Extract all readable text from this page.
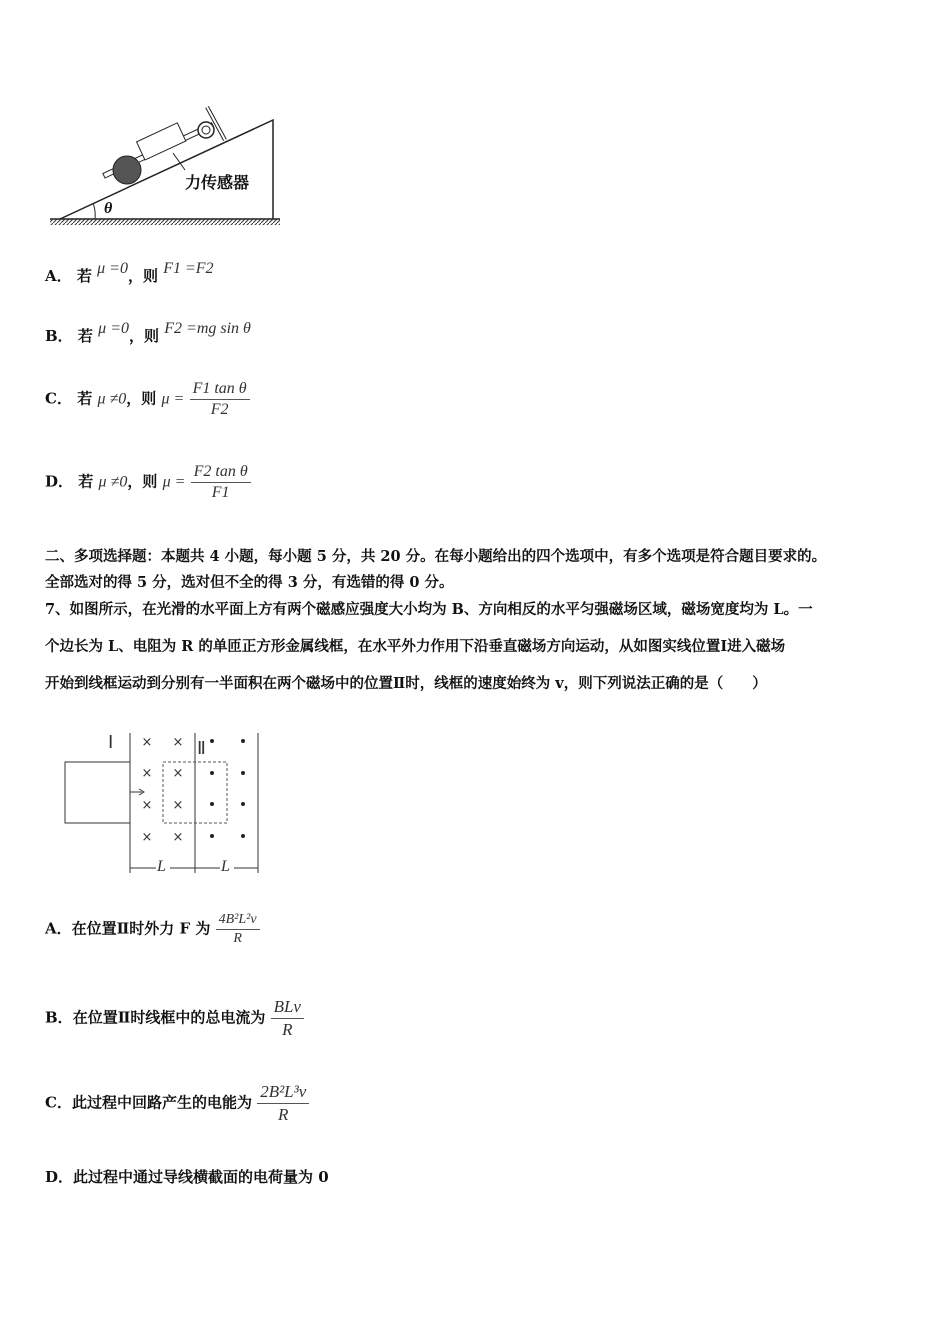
力传感器
θ
A． 若 μ =0，则 F1 =F2
B． 若 μ =0，则 F2 =mg sin θ
C． 若 μ ≠0，则 $\mu = \frac{\text{F1 tan θ}}{F2}$
D． 若 μ ≠0，则 $\mu = \frac{\text{F2 tan θ}}{F1}$
二、多项选择题：本题共 4 小题，每小题 5 分，共 20 分。在每小题给出的四个选项中，有多个选项是符合题目要求的。
全部选对的得 5 分，选对但不全的得 3 分，有选错的得 0 分。
7、如图所示，在光滑的水平面上方有两个磁感应强度大小均为 B、方向相反的水平匀强磁场区域，磁场宽度均为 L。一
个边长为 L、电阻为 R 的单匝正方形金属线框，在水平外力作用下沿垂直磁场方向运动，从如图实线位置Ⅰ进入磁场
开始到线框运动到分别有一半面积在两个磁场中的位置Ⅱ时，线框的速度始终为 v，则下列说法正确的是（　　）
× ×
× ×
× ×
× ×
Ⅰ	Ⅱ
L	L
A．在位置Ⅱ时外力 F 为 $\frac{\text{4B²L²v}}{R}$
B．在位置Ⅱ时线框中的总电流为 $\frac{\text{BLv}}{R}$
C．此过程中回路产生的电能为 $\frac{\text{2B²L³v}}{R}$
D．此过程中通过导线横截面的电荷量为 0
